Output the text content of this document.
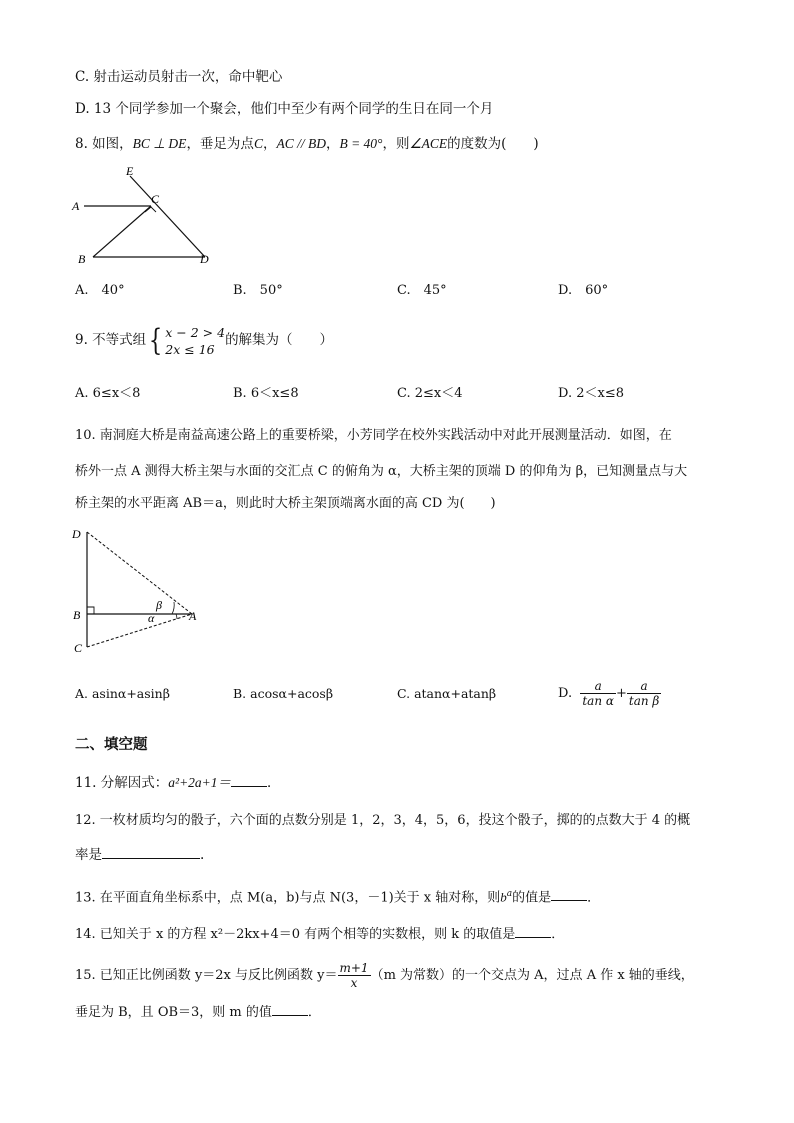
C. 射击运动员射击一次，命中靶心
D. 13 个同学参加一个聚会，他们中至少有两个同学的生日在同一个月
8. 如图，BC ⊥ DE，垂足为点C，AC // BD，B = 40°，则∠ACE的度数为(　　)
E
C
A
B	D
A.　40°	B.　50°	C.　45°	D.　60°
9. 不等式组{ x − 2 > 4
2x ≤ 16
的解集为（　　）
A. 6≤x＜8	B. 6＜x≤8	C. 2≤x＜4	D. 2＜x≤8
10. 南洞庭大桥是南益高速公路上的重要桥梁，小芳同学在校外实践活动中对此开展测量活动．如图，在
桥外一点 A 测得大桥主架与水面的交汇点 C 的俯角为 α，大桥主架的顶端 D 的仰角为 β，已知测量点与大
桥主架的水平距离 AB＝a，则此时大桥主架顶端离水面的高 CD 为(　　)
D
B
C
A
β
α
A. asinα+asinβ	B. acosα+acosβ	C. atanα+atanβ	D. $\frac{a}{\text{tan α}} + \frac{a}{\text{tan β}}$
二、填空题
11. 分解因式：a²+2a+1＝	．
12. 一枚材质均匀的骰子，六个面的点数分别是 1，2，3，4，5，6，投这个骰子，掷的的点数大于 4 的概
率是	.
13. 在平面直角坐标系中，点 M(a，b)与点 N(3，－1)关于 x 轴对称，则$b^a$的值是	．
14. 已知关于 x 的方程 x²－2kx+4＝0 有两个相等的实数根，则 k 的取值是	．
15. 已知正比例函数 y＝2x 与反比例函数 $y= \frac{m+1}{x} (m$ 为常数）的一个交点为 A，过点 A 作 x 轴的垂线，
垂足为 B，且 OB＝3，则 m 的值	．
